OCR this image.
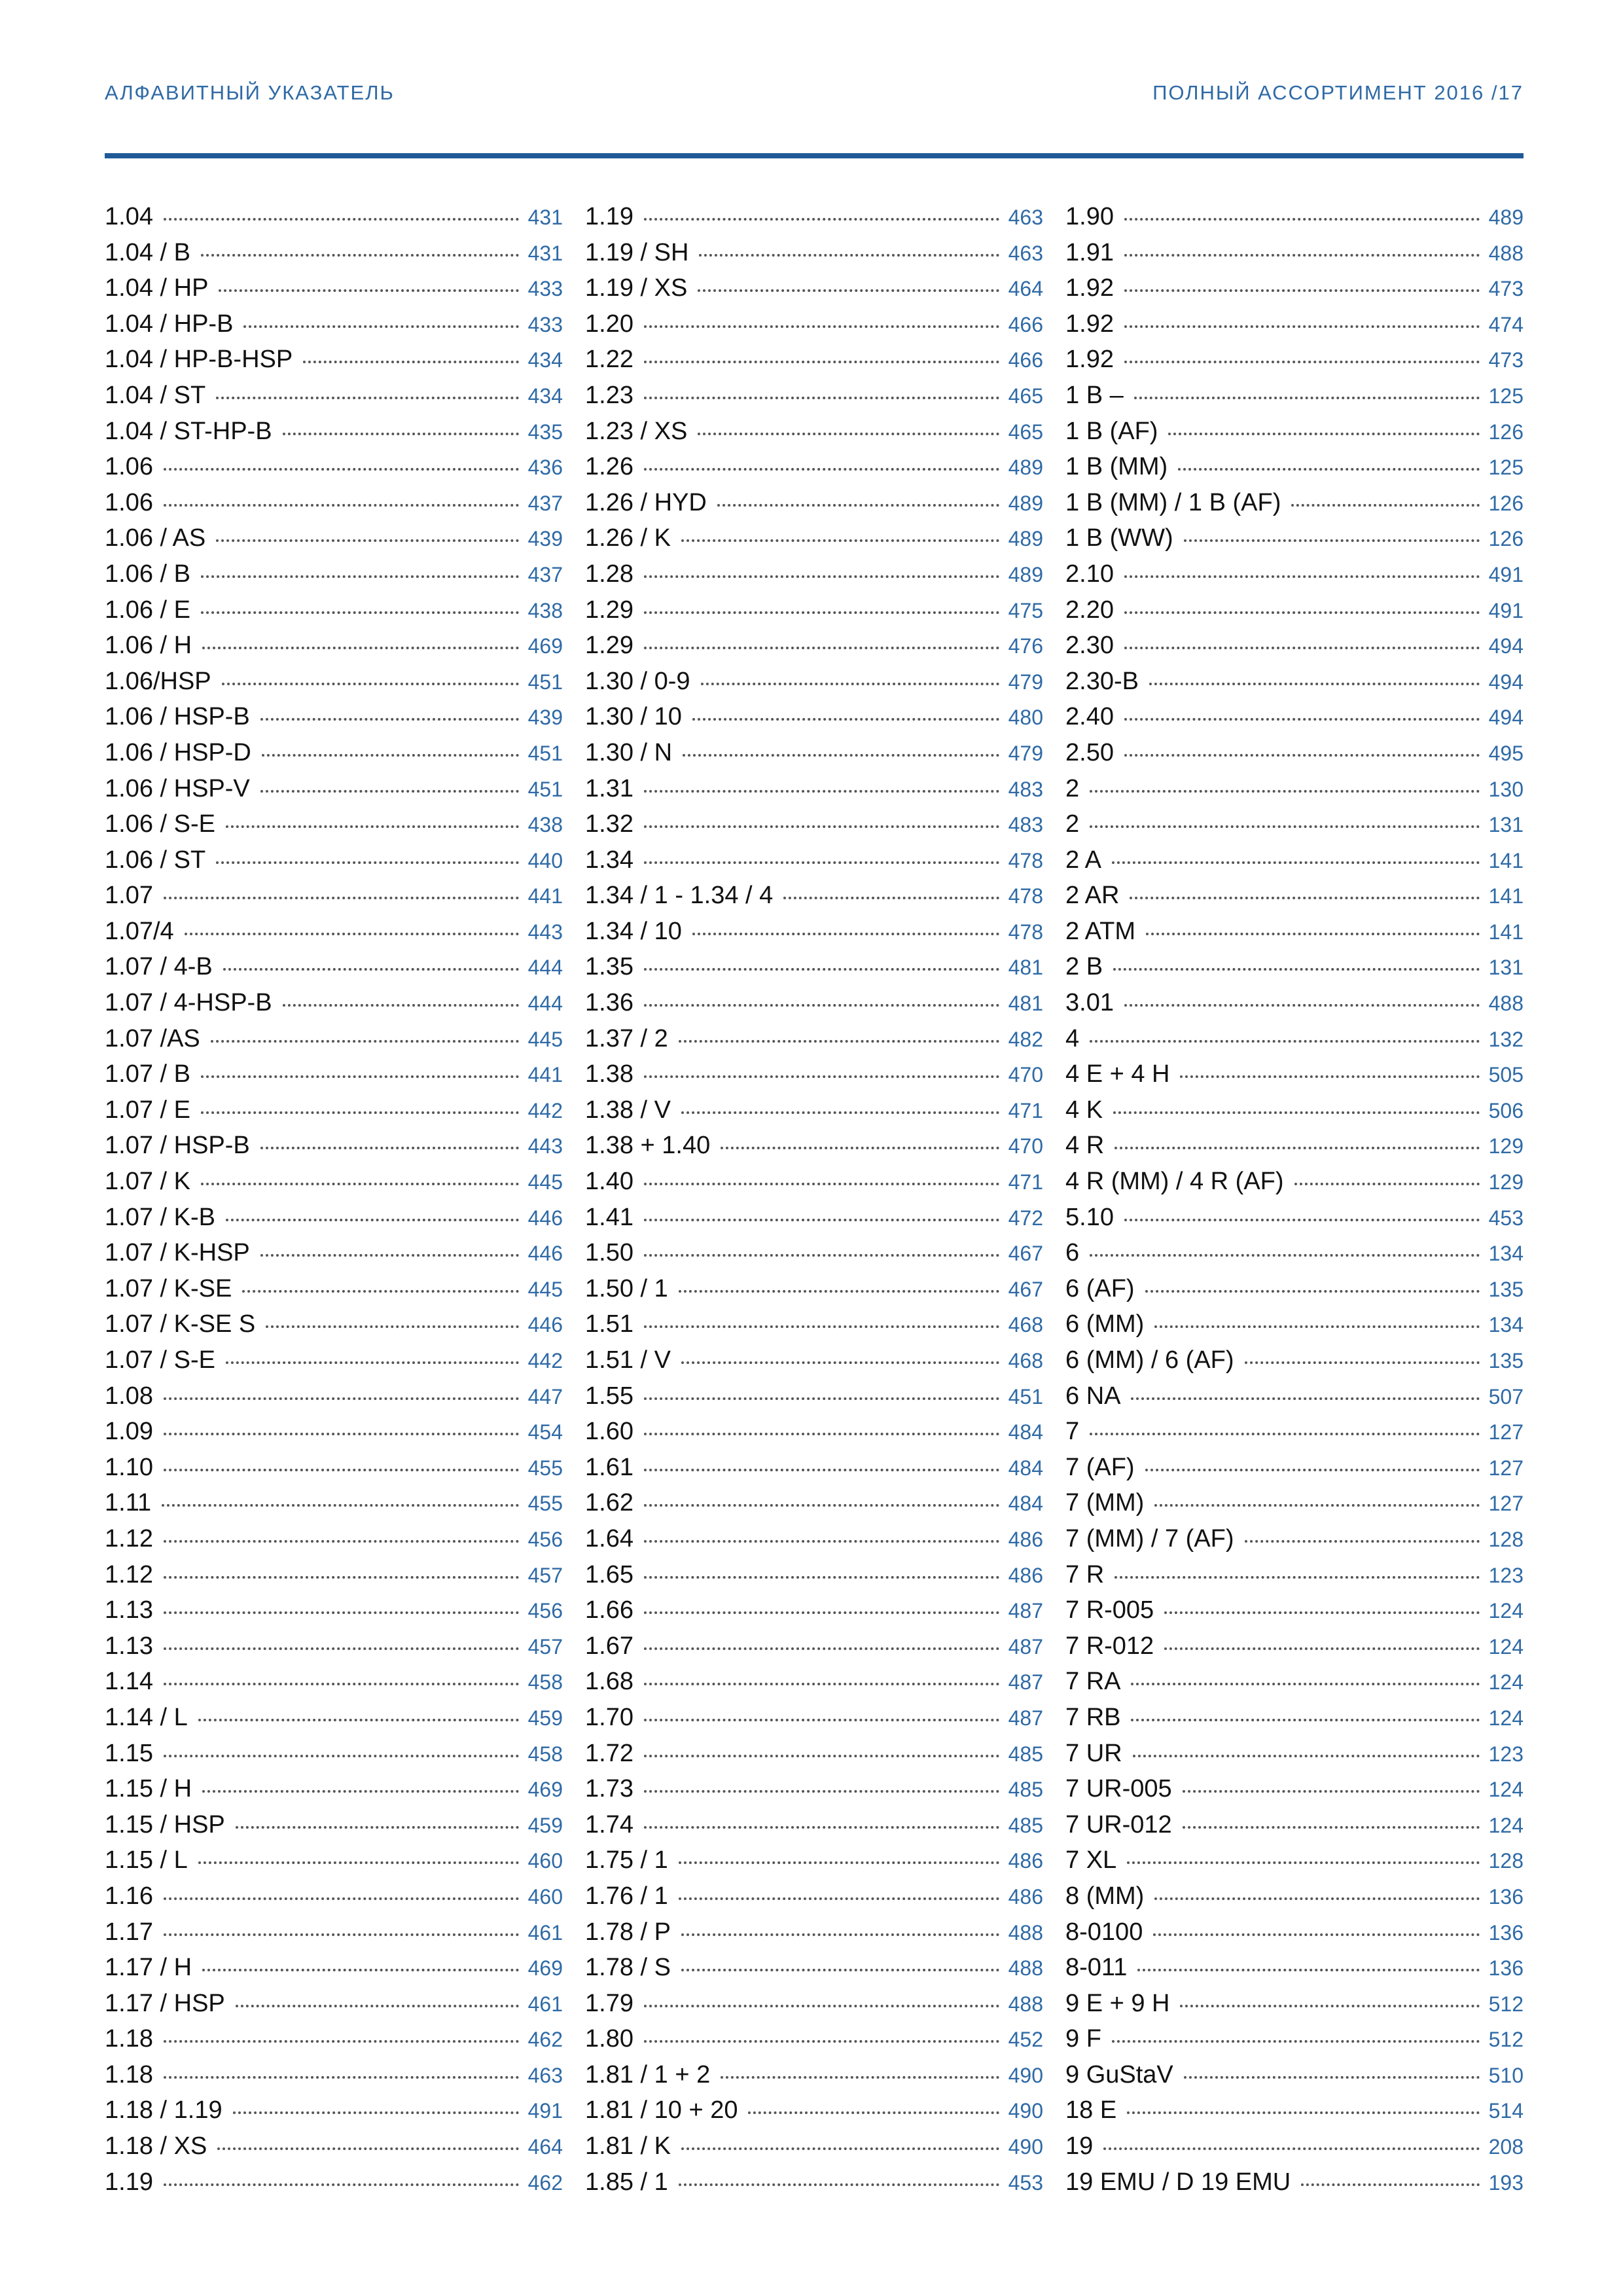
АЛФАВИТНЫЙ УКАЗАТЕЛЬ	ПОЛНЫЙ АССОРТИМЕНТ 2016 /17
1.04	431
1.04 / B	431
1.04 / HP	433
1.04 / HP-B	433
1.04 / HP-B-HSP	434
1.04 / ST	434
1.04 / ST-HP-B	435
1.06	436
1.06	437
1.06 / AS	439
1.06 / B	437
1.06 / E	438
1.06 / H	469
1.06/HSP	451
1.06 / HSP-B	439
1.06 / HSP-D	451
1.06 / HSP-V	451
1.06 / S-E	438
1.06 / ST	440
1.07	441
1.07/4	443
1.07 / 4-B	444
1.07 / 4-HSP-B	444
1.07 /AS	445
1.07 / B	441
1.07 / E	442
1.07 / HSP-B	443
1.07 / K	445
1.07 / K-B	446
1.07 / K-HSP	446
1.07 / K-SE	445
1.07 / K-SE S	446
1.07 / S-E	442
1.08	447
1.09	454
1.10	455
1.11	455
1.12	456
1.12	457
1.13	456
1.13	457
1.14	458
1.14 / L	459
1.15	458
1.15 / H	469
1.15 / HSP	459
1.15 / L	460
1.16	460
1.17	461
1.17 / H	469
1.17 / HSP	461
1.18	462
1.18	463
1.18 / 1.19	491
1.18 / XS	464
1.19	462
1.19	463
1.19 / SH	463
1.19 / XS	464
1.20	466
1.22	466
1.23	465
1.23 / XS	465
1.26	489
1.26 / HYD	489
1.26 / K	489
1.28	489
1.29	475
1.29	476
1.30 / 0-9	479
1.30 / 10	480
1.30 / N	479
1.31	483
1.32	483
1.34	478
1.34 / 1 - 1.34 / 4	478
1.34 / 10	478
1.35	481
1.36	481
1.37 / 2	482
1.38	470
1.38 / V	471
1.38 + 1.40	470
1.40	471
1.41	472
1.50	467
1.50 / 1	467
1.51	468
1.51 / V	468
1.55	451
1.60	484
1.61	484
1.62	484
1.64	486
1.65	486
1.66	487
1.67	487
1.68	487
1.70	487
1.72	485
1.73	485
1.74	485
1.75 / 1	486
1.76 / 1	486
1.78 / P	488
1.78 / S	488
1.79	488
1.80	452
1.81 / 1 + 2	490
1.81 / 10 + 20	490
1.81 / K	490
1.85 / 1	453
1.90	489
1.91	488
1.92	473
1.92	474
1.92	473
1 B –	125
1 B (AF)	126
1 B (MM)	125
1 B (MM) / 1 B (AF)	126
1 B (WW)	126
2.10	491
2.20	491
2.30	494
2.30-B	494
2.40	494
2.50	495
2	130
2	131
2 A	141
2 AR	141
2 ATM	141
2 B	131
3.01	488
4	132
4 E + 4 H	505
4 K	506
4 R	129
4 R (MM) / 4 R (AF)	129
5.10	453
6	134
6 (AF)	135
6 (MM)	134
6 (MM) / 6 (AF)	135
6 NA	507
7	127
7 (AF)	127
7 (MM)	127
7 (MM) / 7 (AF)	128
7 R	123
7 R-005	124
7 R-012	124
7 RA	124
7 RB	124
7 UR	123
7 UR-005	124
7 UR-012	124
7 XL	128
8 (MM)	136
8-0100	136
8-011	136
9 E + 9 H	512
9 F	512
9 GuStaV	510
18 E	514
19	208
19 EMU / D 19 EMU	193
